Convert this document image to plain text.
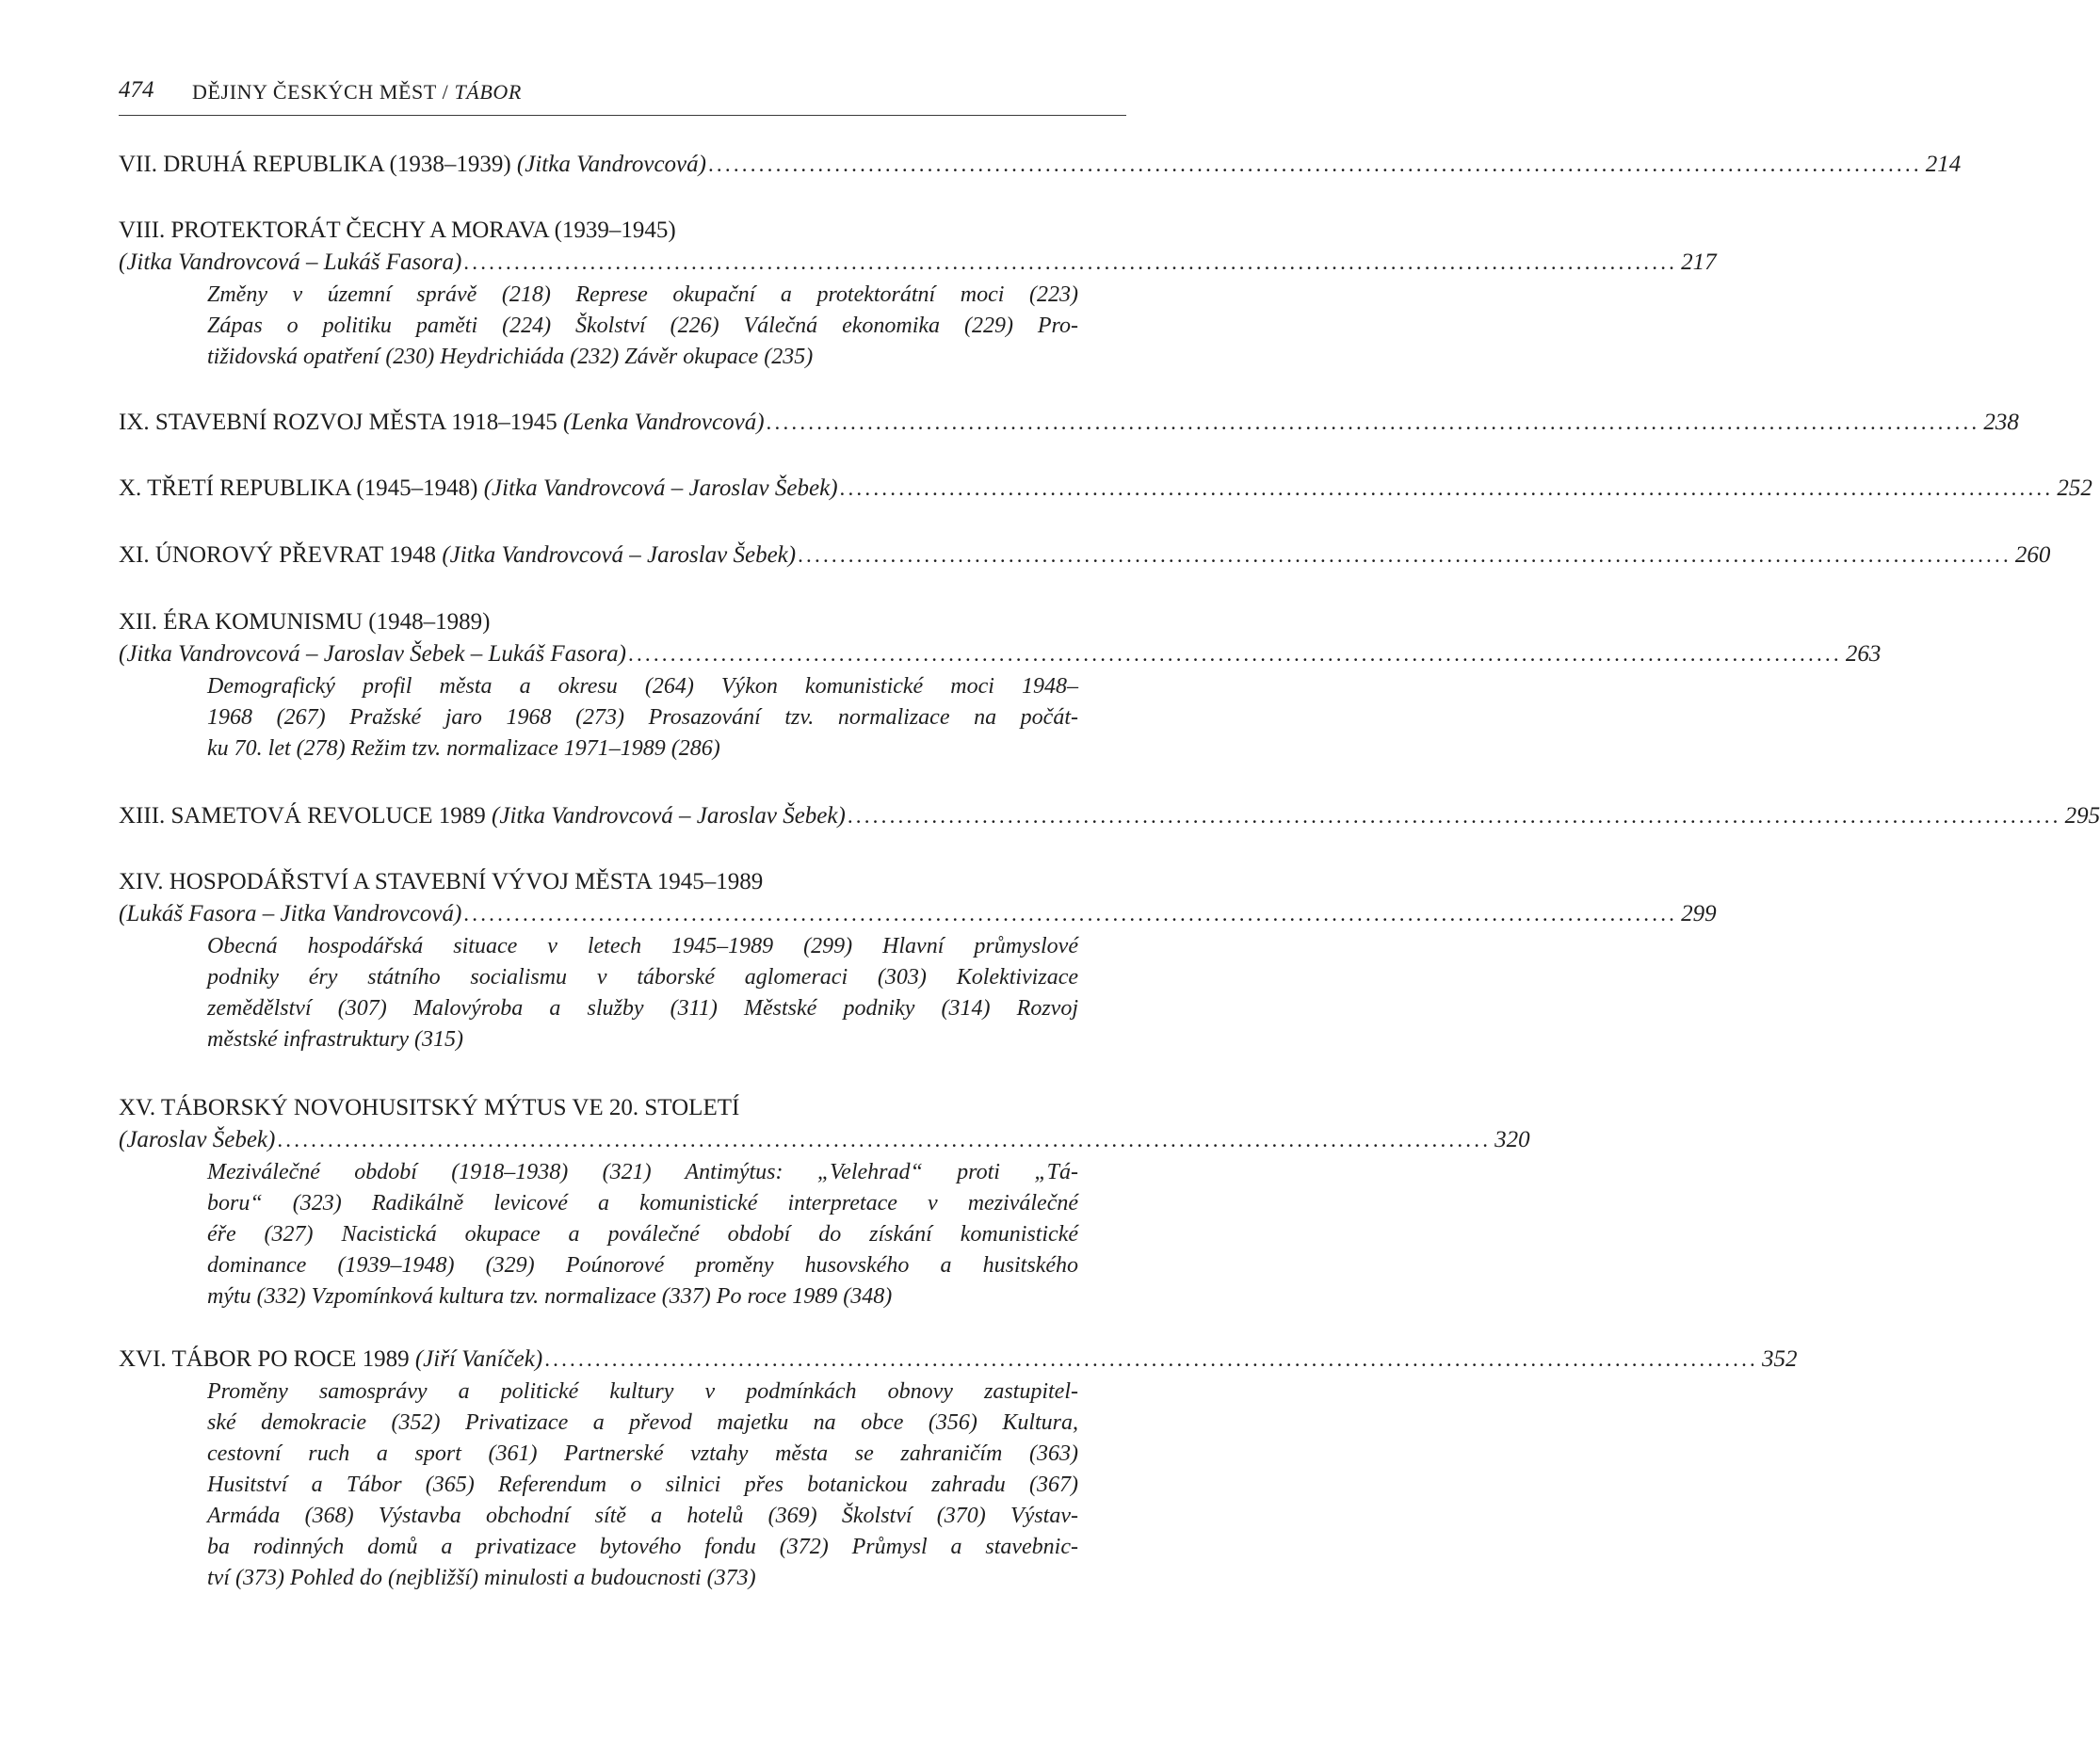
474 DĚJINY ČESKÝCH MĚST / TÁBOR
VII. DRUHÁ REPUBLIKA (1938–1939) (Jitka Vandrovcová) ................................................................................................................................................ 214
VIII. PROTEKTORÁT ČECHY A MORAVA (1939–1945)
(Jitka Vandrovcová – Lukáš Fasora) ................................................................................................................................................ 217
Změny v územní správě (218) Represe okupační a protektorátní moci (223)
Zápas o politiku paměti (224) Školství (226) Válečná ekonomika (229) Pro-
tižidovská opatření (230) Heydrichiáda (232) Závěr okupace (235)
IX. STAVEBNÍ ROZVOJ MĚSTA 1918–1945 (Lenka Vandrovcová) ................................................................................................................................................ 238
X. TŘETÍ REPUBLIKA (1945–1948) (Jitka Vandrovcová – Jaroslav Šebek) ................................................................................................................................................ 252
XI. ÚNOROVÝ PŘEVRAT 1948 (Jitka Vandrovcová – Jaroslav Šebek) ................................................................................................................................................ 260
XII. ÉRA KOMUNISMU (1948–1989)
(Jitka Vandrovcová – Jaroslav Šebek – Lukáš Fasora) ................................................................................................................................................ 263
Demografický profil města a okresu (264) Výkon komunistické moci 1948–
1968 (267) Pražské jaro 1968 (273) Prosazování tzv. normalizace na počát-
ku 70. let (278) Režim tzv. normalizace 1971–1989 (286)
XIII. SAMETOVÁ REVOLUCE 1989 (Jitka Vandrovcová – Jaroslav Šebek) ................................................................................................................................................ 295
XIV. HOSPODÁŘSTVÍ A STAVEBNÍ VÝVOJ MĚSTA 1945–1989
(Lukáš Fasora – Jitka Vandrovcová) ................................................................................................................................................ 299
Obecná hospodářská situace v letech 1945–1989 (299) Hlavní průmyslové
podniky éry státního socialismu v táborské aglomeraci (303) Kolektivizace
zemědělství (307) Malovýroba a služby (311) Městské podniky (314) Rozvoj
městské infrastruktury (315)
XV. TÁBORSKÝ NOVOHUSITSKÝ MÝTUS VE 20. STOLETÍ
(Jaroslav Šebek) ................................................................................................................................................ 320
Meziválečné období (1918–1938) (321) Antimýtus: „Velehrad“ proti „Tá-
boru“ (323) Radikálně levicové a komunistické interpretace v meziválečné
éře (327) Nacistická okupace a poválečné období do získání komunistické
dominance (1939–1948) (329) Poúnorové proměny husovského a husitského
mýtu (332) Vzpomínková kultura tzv. normalizace (337) Po roce 1989 (348)
XVI. TÁBOR PO ROCE 1989 (Jiří Vaníček) ................................................................................................................................................ 352
Proměny samosprávy a politické kultury v podmínkách obnovy zastupitel-
ské demokracie (352) Privatizace a převod majetku na obce (356) Kultura,
cestovní ruch a sport (361) Partnerské vztahy města se zahraničím (363)
Husitství a Tábor (365) Referendum o silnici přes botanickou zahradu (367)
Armáda (368) Výstavba obchodní sítě a hotelů (369) Školství (370) Výstav-
ba rodinných domů a privatizace bytového fondu (372) Průmysl a stavebnic-
tví (373) Pohled do (nejbližší) minulosti a budoucnosti (373)
